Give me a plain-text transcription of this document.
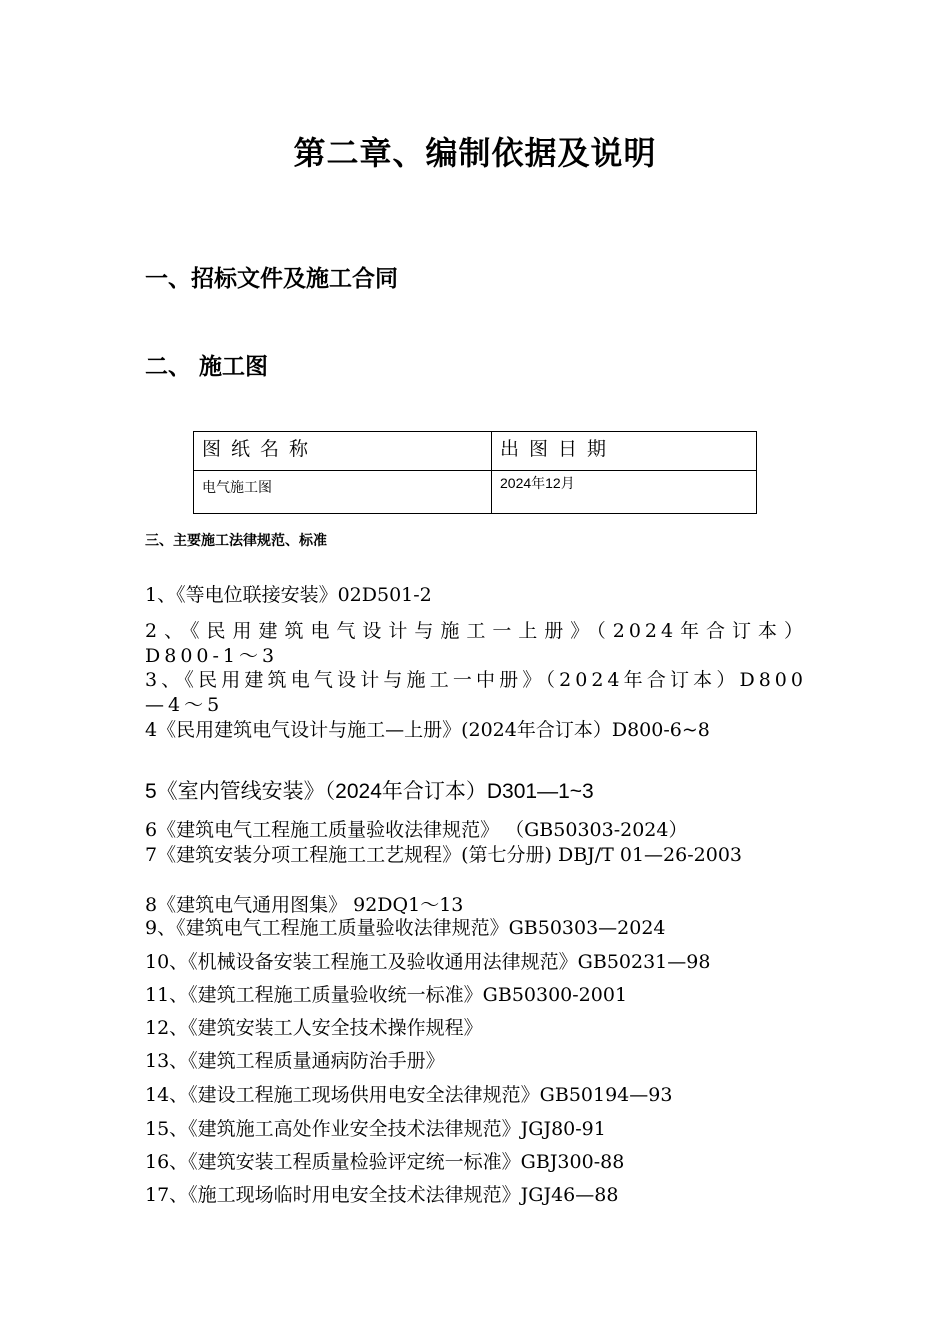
第二章、编制依据及说明
一、招标文件及施工合同
二、 施工图
图纸名称	出图日期
电气施工图	2024年12月
三、主要施工法律规范、标准

1、《等电位联接安装》02D501-2

2、《民用建筑电气设计与施工一上册》（2024年合订本）D800-1～3

3、《民用建筑电气设计与施工一中册》（2024年合订本）D800—4～5

4《民用建筑电气设计与施工—上册》(2024年合订本）D800-6~8

5《室内管线安装》（2024年合订本）D301—1~3

6《建筑电气工程施工质量验收法律规范》 （GB50303-2024）

7《建筑安装分项工程施工工艺规程》(第七分册) DBJ/T 01—26-2003

8《建筑电气通用图集》 92DQ1～13

9、《建筑电气工程施工质量验收法律规范》GB50303—2024

10、《机械设备安装工程施工及验收通用法律规范》GB50231—98

11、《建筑工程施工质量验收统一标准》GB50300-2001

12、《建筑安装工人安全技术操作规程》

13、《建筑工程质量通病防治手册》

14、《建设工程施工现场供用电安全法律规范》GB50194—93

15、《建筑施工高处作业安全技术法律规范》JGJ80-91

16、《建筑安装工程质量检验评定统一标准》GBJ300-88

17、《施工现场临时用电安全技术法律规范》JGJ46—88
